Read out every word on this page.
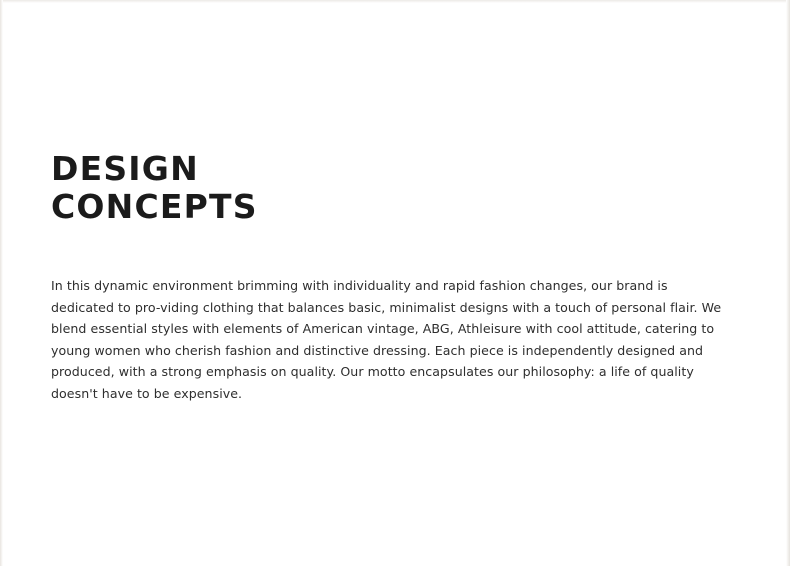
DESIGN
CONCEPTS

In this dynamic environment brimming with individuality and rapid fashion changes, our brand is dedicated to pro-viding clothing that balances basic, minimalist designs with a touch of personal flair. We blend essential styles with elements of American vintage, ABG, Athleisure with cool attitude, catering to young women who cherish fashion and distinctive dressing. Each piece is independently designed and produced, with a strong emphasis on quality. Our motto encapsulates our philosophy: a life of quality doesn't have to be expensive.
